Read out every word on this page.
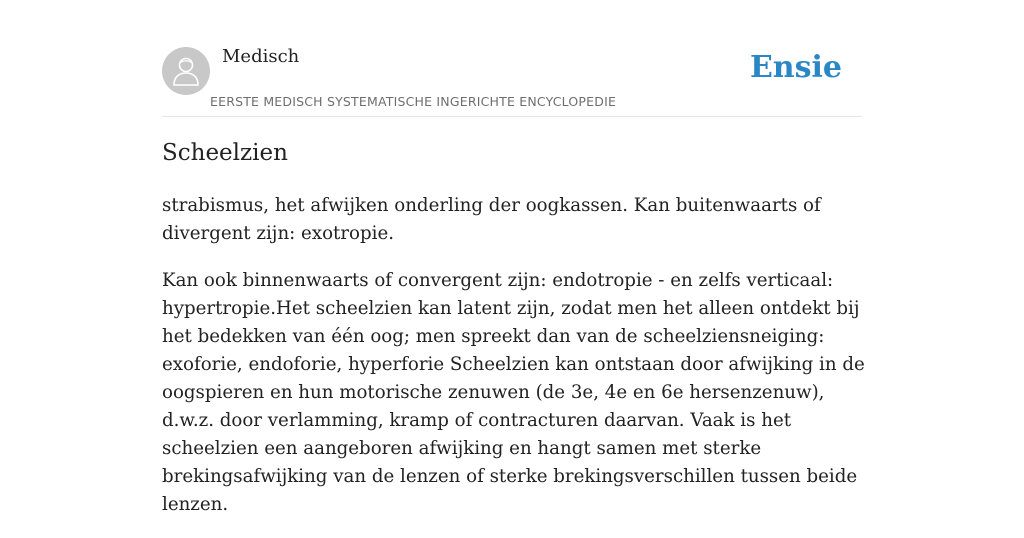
Medisch
EERSTE MEDISCH SYSTEMATISCHE INGERICHTE ENCYCLOPEDIE
Ensie
Scheelzien

strabismus, het afwijken onderling der oogkassen. Kan buitenwaarts of divergent zijn: exotropie.

Kan ook binnenwaarts of convergent zijn: endotropie - en zelfs verticaal: hypertropie.Het scheelzien kan latent zijn, zodat men het alleen ontdekt bij het bedekken van één oog; men spreekt dan van de scheelziensneiging: exoforie, endoforie, hyperforie Scheelzien kan ontstaan door afwijking in de oogspieren en hun motorische zenuwen (de 3e, 4e en 6e hersenzenuw), d.w.z. door verlamming, kramp of contracturen daarvan. Vaak is het scheelzien een aangeboren afwijking en hangt samen met sterke brekingsafwijking van de lenzen of sterke brekingsverschillen tussen beide lenzen.
